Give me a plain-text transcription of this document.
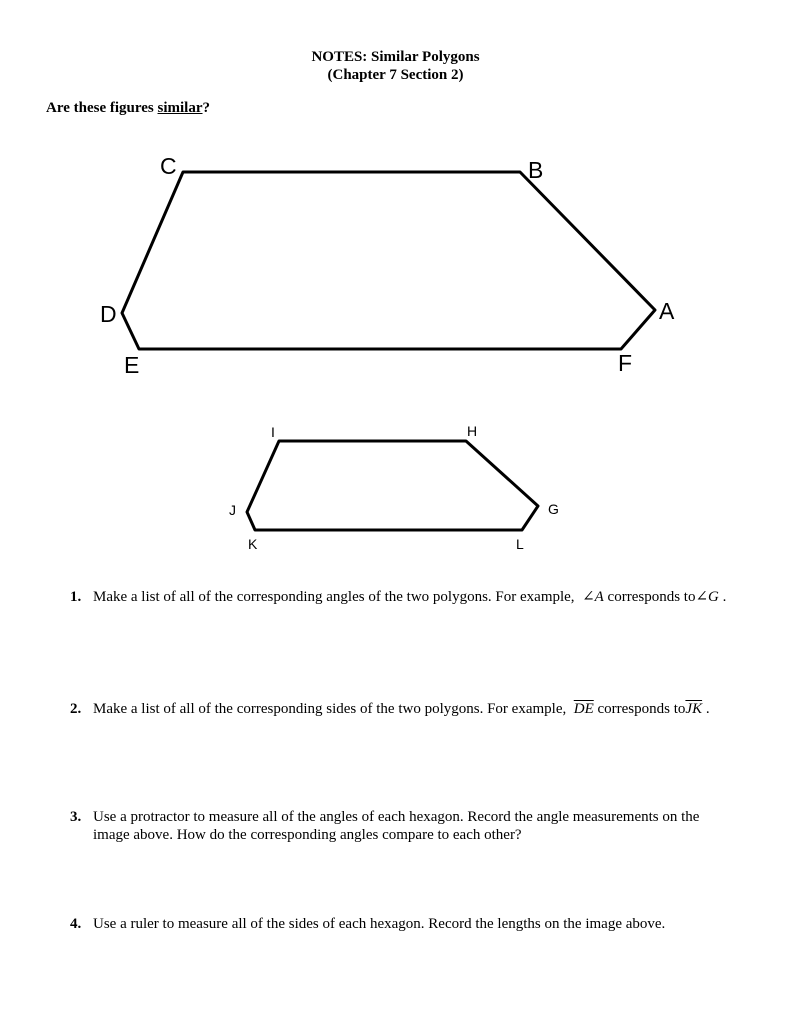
NOTES: Similar Polygons
(Chapter 7 Section 2)
Are these figures similar?
C	B
A
D
E	F
I	H
G
J
K	L
1. Make a list of all of the corresponding angles of the two polygons. For example, ∠A corresponds to∠G .
2. Make a list of all of the corresponding sides of the two polygons. For example, $\overline{DE}$ corresponds $to\overline{JK}$ .
3. Use a protractor to measure all of the angles of each hexagon. Record the angle measurements on the image above. How do the corresponding angles compare to each other?
4. Use a ruler to measure all of the sides of each hexagon. Record the lengths on the image above.
